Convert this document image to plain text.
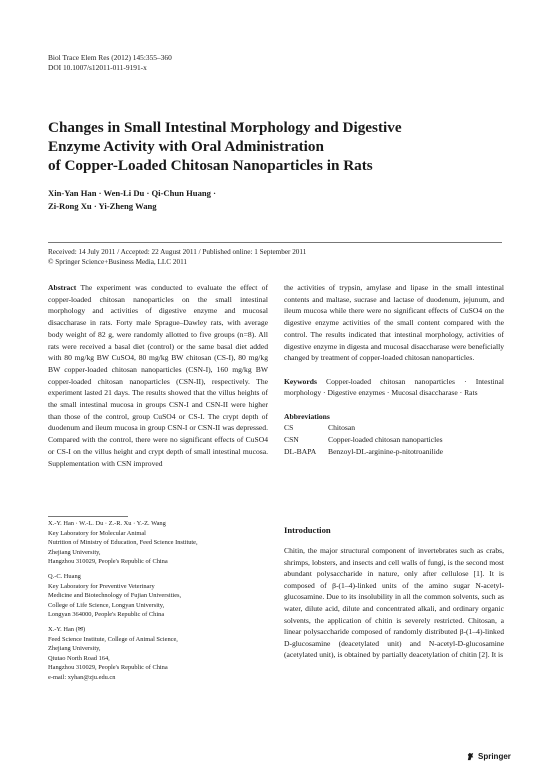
Biol Trace Elem Res (2012) 145:355–360
DOI 10.1007/s12011-011-9191-x
Changes in Small Intestinal Morphology and Digestive
Enzyme Activity with Oral Administration
of Copper-Loaded Chitosan Nanoparticles in Rats
Xin-Yan Han · Wen-Li Du · Qi-Chun Huang ·
Zi-Rong Xu · Yi-Zheng Wang
Received: 14 July 2011 / Accepted: 22 August 2011 / Published online: 1 September 2011
© Springer Science+Business Media, LLC 2011

Abstract The experiment was conducted to evaluate the effect of copper-loaded chitosan nanoparticles on the small intestinal morphology and activities of digestive enzyme and mucosal disaccharase in rats. Forty male Sprague–Dawley rats, with average body weight of 82 g, were randomly allotted to five groups (n=8). All rats were received a basal diet (control) or the same basal diet added with 80 mg/kg BW CuSO4, 80 mg/kg BW chitosan (CS-I), 80 mg/kg BW copper-loaded chitosan nanoparticles (CSN-I), 160 mg/kg BW copper-loaded chitosan nanoparticles (CSN-II), respectively. The experiment lasted 21 days. The results showed that the villus heights of the small intestinal mucosa in groups CSN-I and CSN-II were higher than those of the control, group CuSO4 or CS-I. The crypt depth of duodenum and ileum mucosa in group CSN-I or CSN-II was depressed. Compared with the control, there were no significant effects of CuSO4 or CS-I on the villus height and crypt depth of small intestinal mucosa. Supplementation with CSN improved

the activities of trypsin, amylase and lipase in the small intestinal contents and maltase, sucrase and lactase of duodenum, jejunum, and ileum mucosa while there were no significant effects of CuSO4 on the digestive enzyme activities of the small content compared with the control. The results indicated that intestinal morphology, activities of digestive enzyme in digesta and mucosal disaccharase were beneficially changed by treatment of copper-loaded chitosan nanoparticles.

Keywords Copper-loaded chitosan nanoparticles · Intestinal morphology · Digestive enzymes · Mucosal disaccharase · Rats

Abbreviations

CS	Chitosan
CSN	Copper-loaded chitosan nanoparticles
DL-BAPA	Benzoyl-DL-arginine-p-nitotroanilide
X.-Y. Han · W.-L. Du · Z.-R. Xu · Y.-Z. Wang
Key Laboratory for Molecular Animal
Nutrition of Ministry of Education, Feed Science Institute,
Zhejiang University,
Hangzhou 310029, People's Republic of China
Q.-C. Huang
Key Laboratory for Preventive Veterinary
Medicine and Biotechnology of Fujian Universities,
College of Life Science, Longyan University,
Longyan 364000, People's Republic of China
X.-Y. Han (✉)
Feed Science Institute, College of Animal Science,
Zhejiang University,
Qiutao North Road 164,
Hangzhou 310029, People's Republic of China
e-mail: xyhan@zju.edu.cn
Introduction

Chitin, the major structural component of invertebrates such as crabs, shrimps, lobsters, and insects and cell walls of fungi, is the second most abundant polysaccharide in nature, only after cellulose [1]. It is composed of β-(1–4)-linked units of the amino sugar N-acetyl-glucosamine. Due to its insolubility in all the common solvents, such as water, dilute acid, dilute and concentrated alkali, and ordinary organic solvents, the application of chitin is severely restricted. Chitosan, a linear polysaccharide composed of randomly distributed β-(1–4)-linked D-glucosamine (deacetylated unit) and N-acetyl-D-glucosamine (acetylated unit), is obtained by partially deacetylation of chitin [2]. It is

Springer
